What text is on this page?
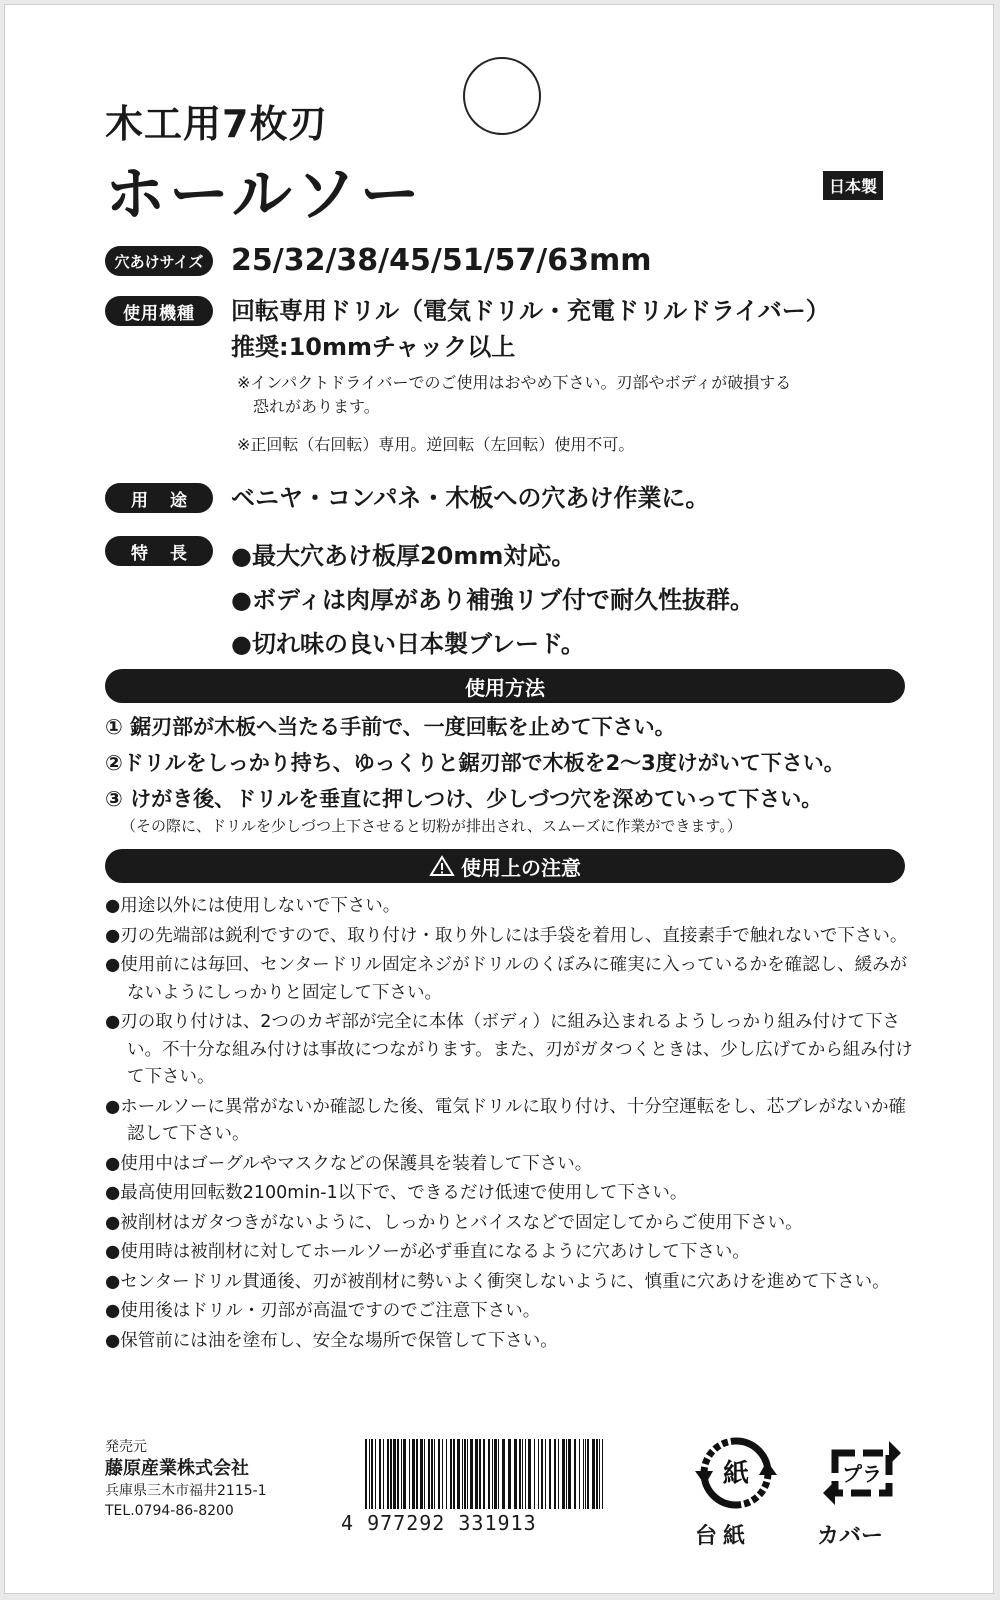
木工用7枚刃
ホールソー	日本製
穴あけサイズ 25/32/38/45/51/57/63mm
使用機種	回転専用ドリル（電気ドリル・充電ドリルドライバー）
推奨:10mmチャック以上
※インパクトドライバーでのご使用はおやめ下さい。刃部やボディが破損する
恐れがあります。
※正回転（右回転）専用。逆回転（左回転）使用不可。
用途 ベニヤ・コンパネ・木板への穴あけ作業に。
特長 ●最大穴あけ板厚20mm対応。
●ボディは肉厚があり補強リブ付で耐久性抜群。
●切れ味の良い日本製ブレード。
使用方法
① 鋸刃部が木板へ当たる手前で、一度回転を止めて下さい。
②ドリルをしっかり持ち、ゆっくりと鋸刃部で木板を2～3度けがいて下さい。
③ けがき後、ドリルを垂直に押しつけ、少しづつ穴を深めていって下さい。
（その際に、ドリルを少しづつ上下させると切粉が排出され、スムーズに作業ができます。）
使用上の注意
●用途以外には使用しないで下さい。
●刃の先端部は鋭利ですので、取り付け・取り外しには手袋を着用し、直接素手で触れないで下さい。
●使用前には毎回、センタードリル固定ネジがドリルのくぼみに確実に入っているかを確認し、緩みがないようにしっかりと固定して下さい。
●刃の取り付けは、2つのカギ部が完全に本体（ボディ）に組み込まれるようしっかり組み付けて下さい。不十分な組み付けは事故につながります。また、刃がガタつくときは、少し広げてから組み付けて下さい。
●ホールソーに異常がないか確認した後、電気ドリルに取り付け、十分空運転をし、芯ブレがないか確認して下さい。
●使用中はゴーグルやマスクなどの保護具を装着して下さい。
●最高使用回転数2100min-1以下で、できるだけ低速で使用して下さい。
●被削材はガタつきがないように、しっかりとバイスなどで固定してからご使用下さい。
●使用時は被削材に対してホールソーが必ず垂直になるように穴あけして下さい。
●センタードリル貫通後、刃が被削材に勢いよく衝突しないように、慎重に穴あけを進めて下さい。
●使用後はドリル・刃部が高温ですのでご注意下さい。
●保管前には油を塗布し、安全な場所で保管して下さい。
発売元
藤原産業株式会社
兵庫県三木市福井2115-1
TEL.0794-86-8200	4 977292 331913
紙
台紙
プラ
カバー
